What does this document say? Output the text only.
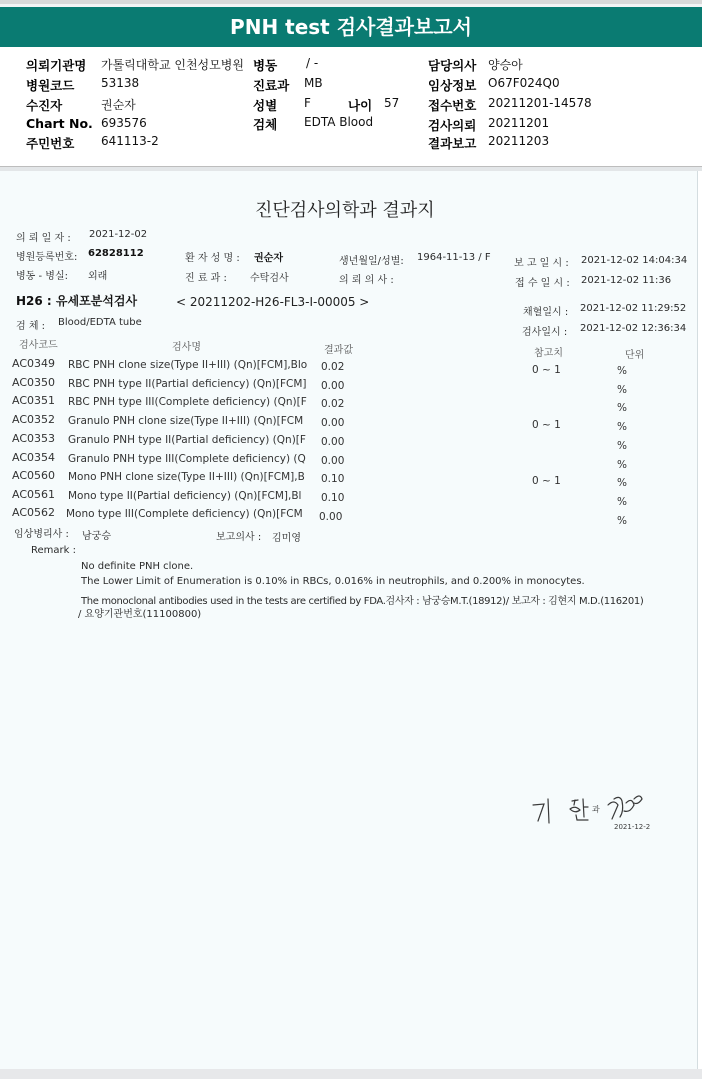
PNH test 검사결과보고서
의뢰기관명 가톨릭대학교 인천성모병원 병동 / -	담당의사 양승아
병원코드 53138	진료과 MB	임상정보 O67F024Q0
수진자	권순자	성별 F	나이 57 접수번호 20211201-14578
Chart No. 693576	검체 EDTA Blood	검사의뢰 20211201
주민번호 641113-2	결과보고 20211203
진단검사의학과 결과지
의 뢰 일 자 : 2021-12-02
병원등록번호: 62828112	환 자 성 명 : 권순자	생년월일/성별: 1964-11-13 / F
보 고 일 시 : 2021-12-02 14:04:34
병동 - 병실: 외래	진 료 과 : 수탁검사	의 뢰 의 사 :	접 수 일 시 : 2021-12-02 11:36
H26 : 유세포분석검사	< 20211202-H26-FL3-I-00005 >
채혈일시 : 2021-12-02 11:29:52
검 체 : Blood/EDTA tube
검사일시 : 2021-12-02 12:36:34
검사코드	검사명	결과값	참고치	단위
AC0349 RBC PNH clone size(Type II+III) (Qn)[FCM],Blo 0.02	0 ~ 1	%
AC0350 RBC PNH type II(Partial deficiency) (Qn)[FCM] 0.00	%
AC0351 RBC PNH type III(Complete deficiency) (Qn)[F 0.02	%
AC0352 Granulo PNH clone size(Type II+III) (Qn)[FCM 0.00	0 ~ 1	%
AC0353 Granulo PNH type II(Partial deficiency) (Qn)[F 0.00	%
AC0354 Granulo PNH type III(Complete deficiency) (Q 0.00	%
AC0560 Mono PNH clone size(Type II+III) (Qn)[FCM],B 0.10	0 ~ 1	%
AC0561 Mono type II(Partial deficiency) (Qn)[FCM],Bl 0.10	%
AC0562 Mono type III(Complete deficiency) (Qn)[FCM 0.00	%
임상병리사 : 남궁승	보고의사 : 김미영
Remark :
No definite PNH clone.
The Lower Limit of Enumeration is 0.10% in RBCs, 0.016% in neutrophils, and 0.200% in monocytes.
The monoclonal antibodies used in the tests are certified by FDA.검사자 : 남궁승M.T.(18912)/ 보고자 : 김현지 M.D.(116201)
/ 요양기관번호(11100800)
과
2021-12-2
